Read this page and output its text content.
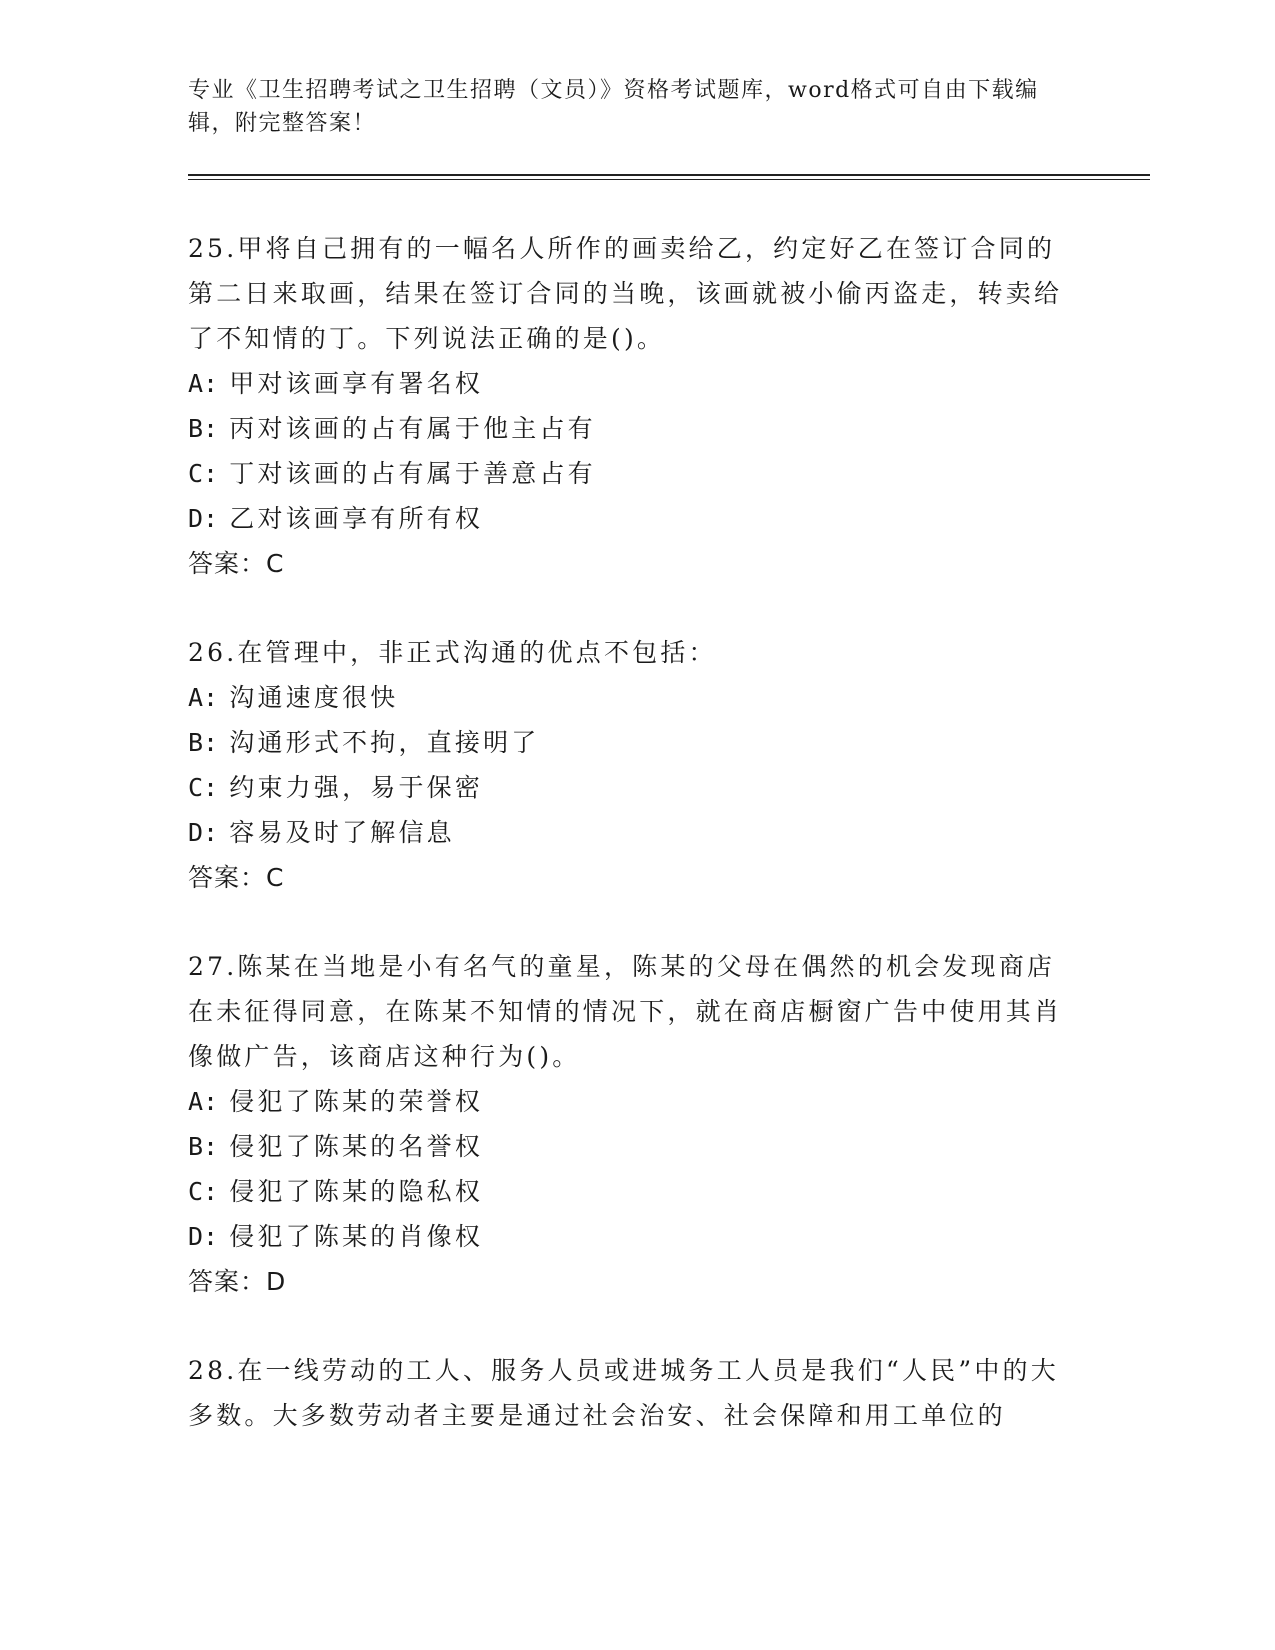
专业《卫生招聘考试之卫生招聘（文员）》资格考试题库，word格式可自由下载编辑，附完整答案！
25.甲将自己拥有的一幅名人所作的画卖给乙，约定好乙在签订合同的第二日来取画，结果在签订合同的当晚，该画就被小偷丙盗走，转卖给了不知情的丁。下列说法正确的是()。
A: 甲对该画享有署名权
B: 丙对该画的占有属于他主占有
C: 丁对该画的占有属于善意占有
D: 乙对该画享有所有权
答案：C
26.在管理中，非正式沟通的优点不包括：
A: 沟通速度很快
B: 沟通形式不拘，直接明了
C: 约束力强，易于保密
D: 容易及时了解信息
答案：C
27.陈某在当地是小有名气的童星，陈某的父母在偶然的机会发现商店在未征得同意，在陈某不知情的情况下，就在商店橱窗广告中使用其肖像做广告，该商店这种行为()。
A: 侵犯了陈某的荣誉权
B: 侵犯了陈某的名誉权
C: 侵犯了陈某的隐私权
D: 侵犯了陈某的肖像权
答案：D
28.在一线劳动的工人、服务人员或进城务工人员是我们“人民”中的大多数。大多数劳动者主要是通过社会治安、社会保障和用工单位的
